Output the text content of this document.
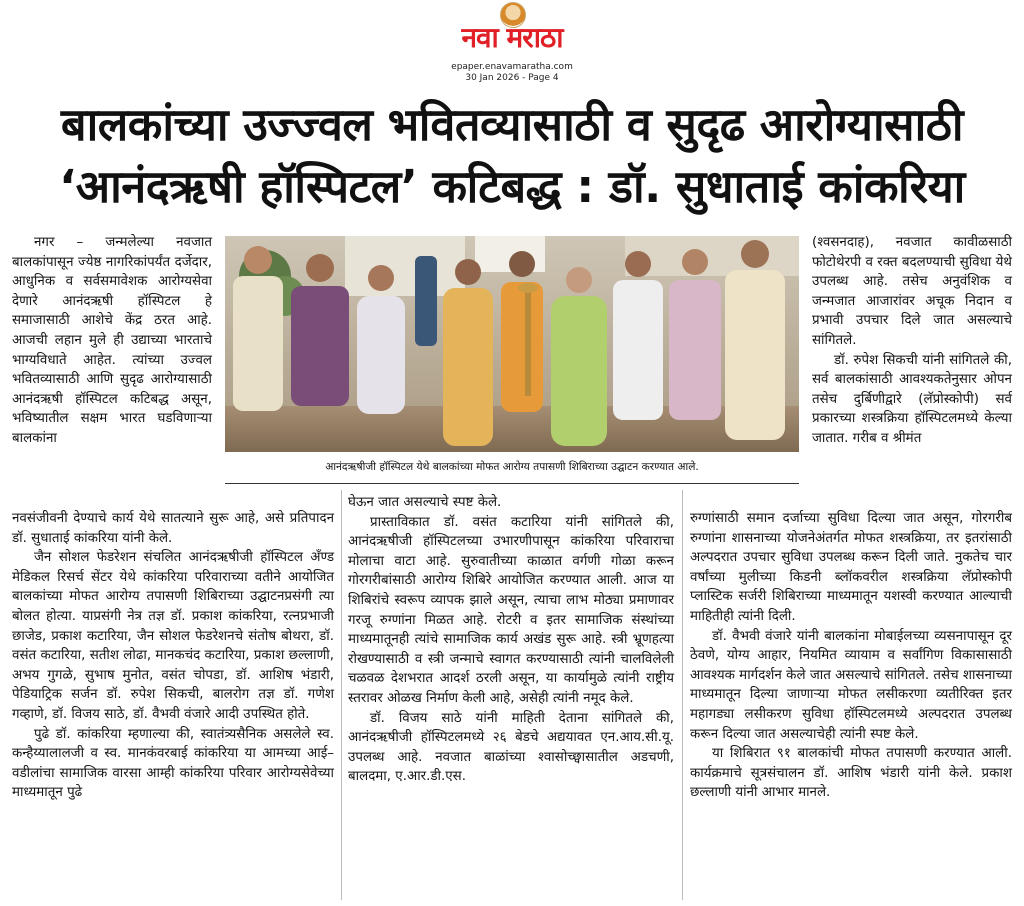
नवा मराठा
epaper.enavamaratha.com
30 Jan 2026 - Page 4
बालकांच्या उज्ज्वल भवितव्यासाठी व सुदृढ आरोग्यासाठी
‘आनंदऋषी हॉस्पिटल’ कटिबद्ध : डॉ. सुधाताई कांकरिया

नगर – जन्मलेल्या नवजात बालकांपासून ज्येष्ठ नागरिकांपर्यंत दर्जेदार, आधुनिक व सर्वसमावेशक आरोग्यसेवा देणारे आनंदऋषी हॉस्पिटल हे समाजासाठी आशेचे केंद्र ठरत आहे. आजची लहान मुले ही उद्याच्या भारताचे भाग्यविधाते आहेत. त्यांच्या उज्वल भवितव्यासाठी आणि सुदृढ आरोग्यासाठी आनंदऋषी हॉस्पिटल कटिबद्ध असून, भविष्यातील सक्षम भारत घडविणाऱ्या बालकांना

नवसंजीवनी देण्याचे कार्य येथे सातत्याने सुरू आहे, असे प्रतिपादन डॉ. सुधाताई कांकरिया यांनी केले.

जैन सोशल फेडरेशन संचलित आनंदऋषीजी हॉस्पिटल अँण्ड मेडिकल रिसर्च सेंटर येथे कांकरिया परिवाराच्या वतीने आयोजित बालकांच्या मोफत आरोग्य तपासणी शिबिराच्या उद्घाटनप्रसंगी त्या बोलत होत्या. याप्रसंगी नेत्र तज्ञ डॉ. प्रकाश कांकरिया, रत्नप्रभाजी छाजेड, प्रकाश कटारिया, जैन सोशल फेडरेशनचे संतोष बोथरा, डॉ. वसंत कटारिया, सतीश लोढा, मानकचंद कटारिया, प्रकाश छल्लाणी, अभय गुगळे, सुभाष मुनोत, वसंत चोपडा, डॉ. आशिष भंडारी, पेडियाट्रिक सर्जन डॉ. रुपेश सिकची, बालरोग तज्ञ डॉ. गणेश गव्हाणे, डॉ. विजय साठे, डॉ. वैभवी वंजारे आदी उपस्थित होते.

पुढे डॉ. कांकरिया म्हणाल्या की, स्वातंत्र्यसैनिक असलेले स्व. कन्हैय्यालालजी व स्व. मानकंवरबाई कांकरिया या आमच्या आई–वडीलांचा सामाजिक वारसा आम्ही कांकरिया परिवार आरोग्यसेवेच्या माध्यमातून पुढे

आनंदऋषीजी हॉस्पिटल येथे बालकांच्या मोफत आरोग्य तपासणी शिबिराच्या उद्घाटन करण्यात आले.

घेऊन जात असल्याचे स्पष्ट केले.

प्रास्ताविकात डॉ. वसंत कटारिया यांनी सांगितले की, आनंदऋषीजी हॉस्पिटलच्या उभारणीपासून कांकरिया परिवाराचा मोलाचा वाटा आहे. सुरुवातीच्या काळात वर्गणी गोळा करून गोरगरीबांसाठी आरोग्य शिबिरे आयोजित करण्यात आली. आज या शिबिरांचे स्वरूप व्यापक झाले असून, त्याचा लाभ मोठ्या प्रमाणावर गरजू रुग्णांना मिळत आहे. रोटरी व इतर सामाजिक संस्थांच्या माध्यमातूनही त्यांचे सामाजिक कार्य अखंड सुरू आहे. स्त्री भ्रूणहत्या रोखण्यासाठी व स्त्री जन्माचे स्वागत करण्यासाठी त्यांनी चालविलेली चळवळ देशभरात आदर्श ठरली असून, या कार्यामुळे त्यांनी राष्ट्रीय स्तरावर ओळख निर्माण केली आहे, असेही त्यांनी नमूद केले.

डॉ. विजय साठे यांनी माहिती देताना सांगितले की, आनंदऋषीजी हॉस्पिटलमध्ये २६ बेडचे अद्ययावत एन.आय.सी.यू. उपलब्ध आहे. नवजात बाळांच्या श्वासोच्छ्वासातील अडचणी, बालदमा, ए.आर.डी.एस.

(श्वसनदाह), नवजात कावीळसाठी फोटोथेरपी व रक्त बदलण्याची सुविधा येथे उपलब्ध आहे. तसेच अनुवंशिक व जन्मजात आजारांवर अचूक निदान व प्रभावी उपचार दिले जात असल्याचे सांगितले.

डॉ. रुपेश सिकची यांनी सांगितले की, सर्व बालकांसाठी आवश्यकतेनुसार ओपन तसेच दुर्बिणीद्वारे (लॅप्रोस्कोपी) सर्व प्रकारच्या शस्त्रक्रिया हॉस्पिटलमध्ये केल्या जातात. गरीब व श्रीमंत

रुग्णांसाठी समान दर्जाच्या सुविधा दिल्या जात असून, गोरगरीब रुग्णांना शासनाच्या योजनेअंतर्गत मोफत शस्त्रक्रिया, तर इतरांसाठी अल्पदरात उपचार सुविधा उपलब्ध करून दिली जाते. नुकतेच चार वर्षांच्या मुलीच्या किडनी ब्लॉकवरील शस्त्रक्रिया लॅप्रोस्कोपी प्लास्टिक सर्जरी शिबिराच्या माध्यमातून यशस्वी करण्यात आल्याची माहितीही त्यांनी दिली.

डॉ. वैभवी वंजारे यांनी बालकांना मोबाईलच्या व्यसनापासून दूर ठेवणे, योग्य आहार, नियमित व्यायाम व सर्वांगिण विकासासाठी आवश्यक मार्गदर्शन केले जात असल्याचे सांगितले. तसेच शासनाच्या माध्यमातून दिल्या जाणाऱ्या मोफत लसीकरणा व्यतीरिक्त इतर महागड्या लसीकरण सुविधा हॉस्पिटलमध्ये अल्पदरात उपलब्ध करून दिल्या जात असल्याचेही त्यांनी स्पष्ट केले.

या शिबिरात ९१ बालकांची मोफत तपासणी करण्यात आली. कार्यक्रमाचे सूत्रसंचालन डॉ. आशिष भंडारी यांनी केले. प्रकाश छल्लाणी यांनी आभार मानले.
